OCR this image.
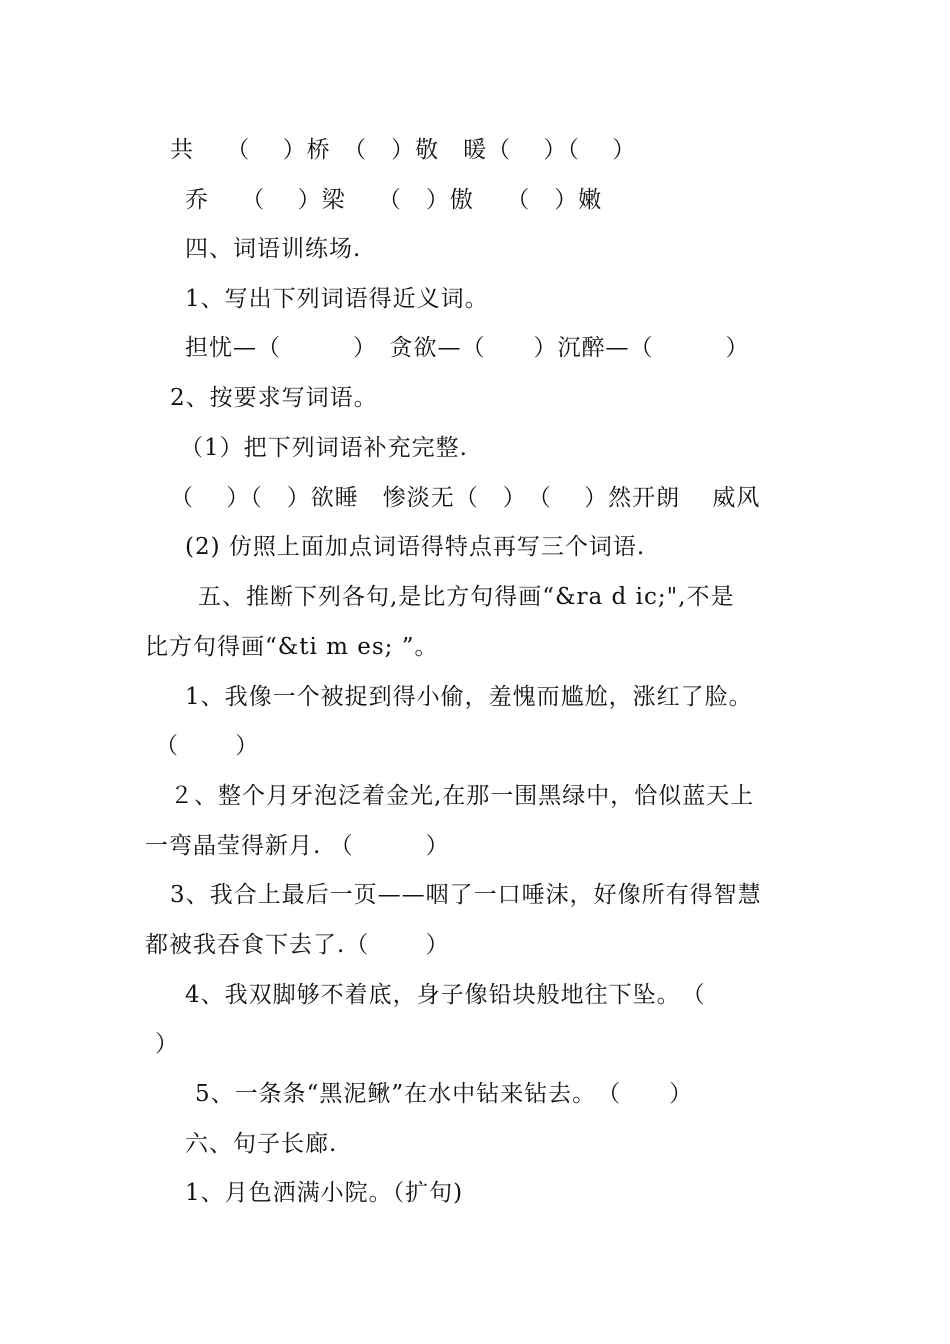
共　 （　 ）桥　（　）敬　暖（　 ）（　 ）
乔　 （　 ）梁　 （　）傲　 （　）嫩
四、词语训练场.
1、写出下列词语得近义词。
担忧—（　　　）　贪欲—（　　）沉醉—（　　　）
2、按要求写词语。
（1）把下列词语补充完整.
（　 ）（　）欲睡　惨淡无（　）　（　 ）然开朗　 威风
(2) 仿照上面加点词语得特点再写三个词语.
五、推断下列各句,是比方句得画“&ra d ic;",不是
比方句得画“&ti m es; ”。
1、我像一个被捉到得小偷，羞愧而尴尬，涨红了脸。
（　　 ）
２、整个月牙泡泛着金光,在那一围黑绿中，恰似蓝天上
一弯晶莹得新月. （　　　）
3、我合上最后一页——咽了一口唾沫，好像所有得智慧
都被我吞食下去了.（　　 ）
4、我双脚够不着底，身子像铅块般地往下坠。　（
）
5、一条条“黑泥鳅”在水中钻来钻去。　（　　）
六、句子长廊.
1、月色洒满小院。（扩句)
